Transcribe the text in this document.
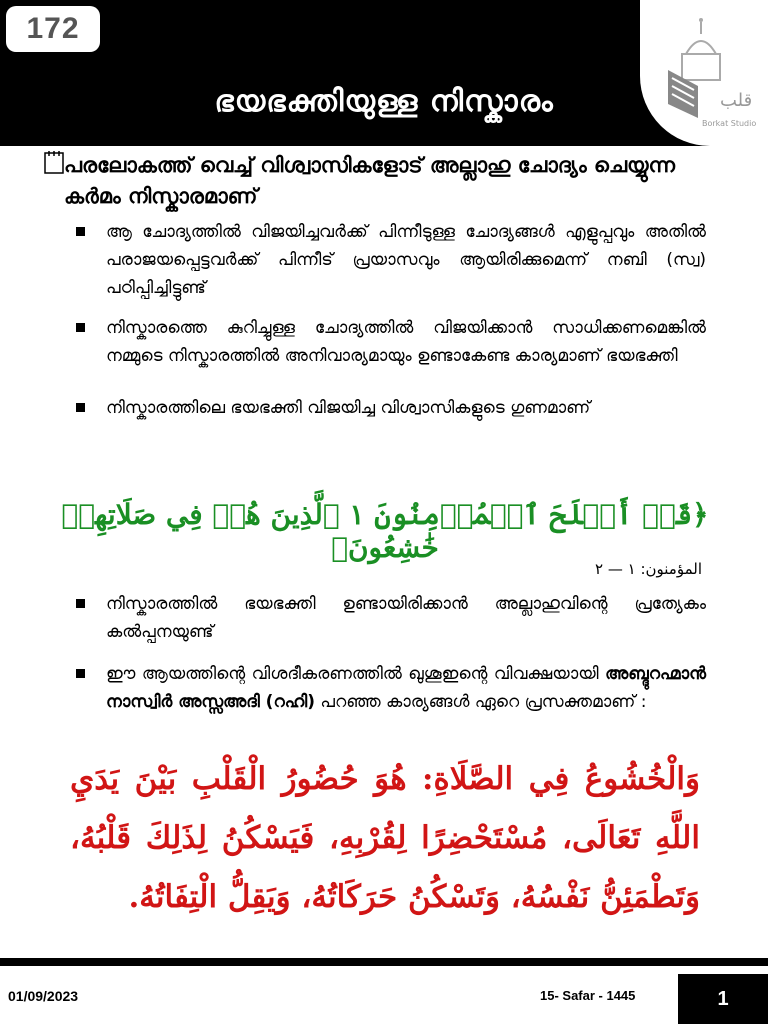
172
ഭയഭക്തിയുള്ള നിസ്കാരം	قلب
Borkat Studio
പരലോകത്ത് വെച്ച് വിശ്വാസികളോട് അല്ലാഹു ചോദ്യം ചെയ്യുന്ന കർമം നിസ്കാരമാണ്
ആ ചോദ്യത്തിൽ വിജയിച്ചവർക്ക് പിന്നീടുള്ള ചോദ്യങ്ങൾ എളുപ്പവും അതിൽ പരാജയപ്പെട്ടവർക്ക് പിന്നീട് പ്രയാസവും ആയിരിക്കുമെന്ന് നബി (സ്വ) പഠിപ്പിച്ചിട്ടുണ്ട്
നിസ്കാരത്തെ കുറിച്ചുള്ള ചോദ്യത്തിൽ വിജയിക്കാൻ സാധിക്കണമെങ്കിൽ നമ്മുടെ നിസ്കാരത്തിൽ അനിവാര്യമായും ഉണ്ടാകേണ്ട കാര്യമാണ് ഭയഭക്തി
നിസ്കാരത്തിലെ ഭയഭക്തി വിജയിച്ച വിശ്വാസികളുടെ ഗുണമാണ്
﴿قَدۡ أَفۡلَحَ ٱلۡمُؤۡمِنُونَ ١ ٱلَّذِينَ هُمۡ فِي صَلَاتِهِمۡ خَٰشِعُونَ﴾
المؤمنون: ١ — ٢
നിസ്കാരത്തിൽ ഭയഭക്തി ഉണ്ടായിരിക്കാൻ അല്ലാഹുവിന്റെ പ്രത്യേകം കൽപ്പനയുണ്ട്
ഈ ആയത്തിന്റെ വിശദീകരണത്തിൽ ഖുശൂഇന്റെ വിവക്ഷയായി അബ്ദുറഹ്മാൻ നാസ്വിർ അസ്സഅദി (റഹി) പറഞ്ഞ കാര്യങ്ങൾ ഏറെ പ്രസക്തമാണ് :
وَالْخُشُوعُ فِي الصَّلَاةِ: هُوَ حُضُورُ الْقَلْبِ بَيْنَ يَدَيِ اللَّهِ تَعَالَى، مُسْتَحْضِرًا لِقُرْبِهِ، فَيَسْكُنُ لِذَلِكَ قَلْبُهُ، وَتَطْمَئِنُّ نَفْسُهُ، وَتَسْكُنُ حَرَكَاتُهُ، وَيَقِلُّ الْتِفَاتُهُ.
01/09/2023	15- Safar - 1445	1
